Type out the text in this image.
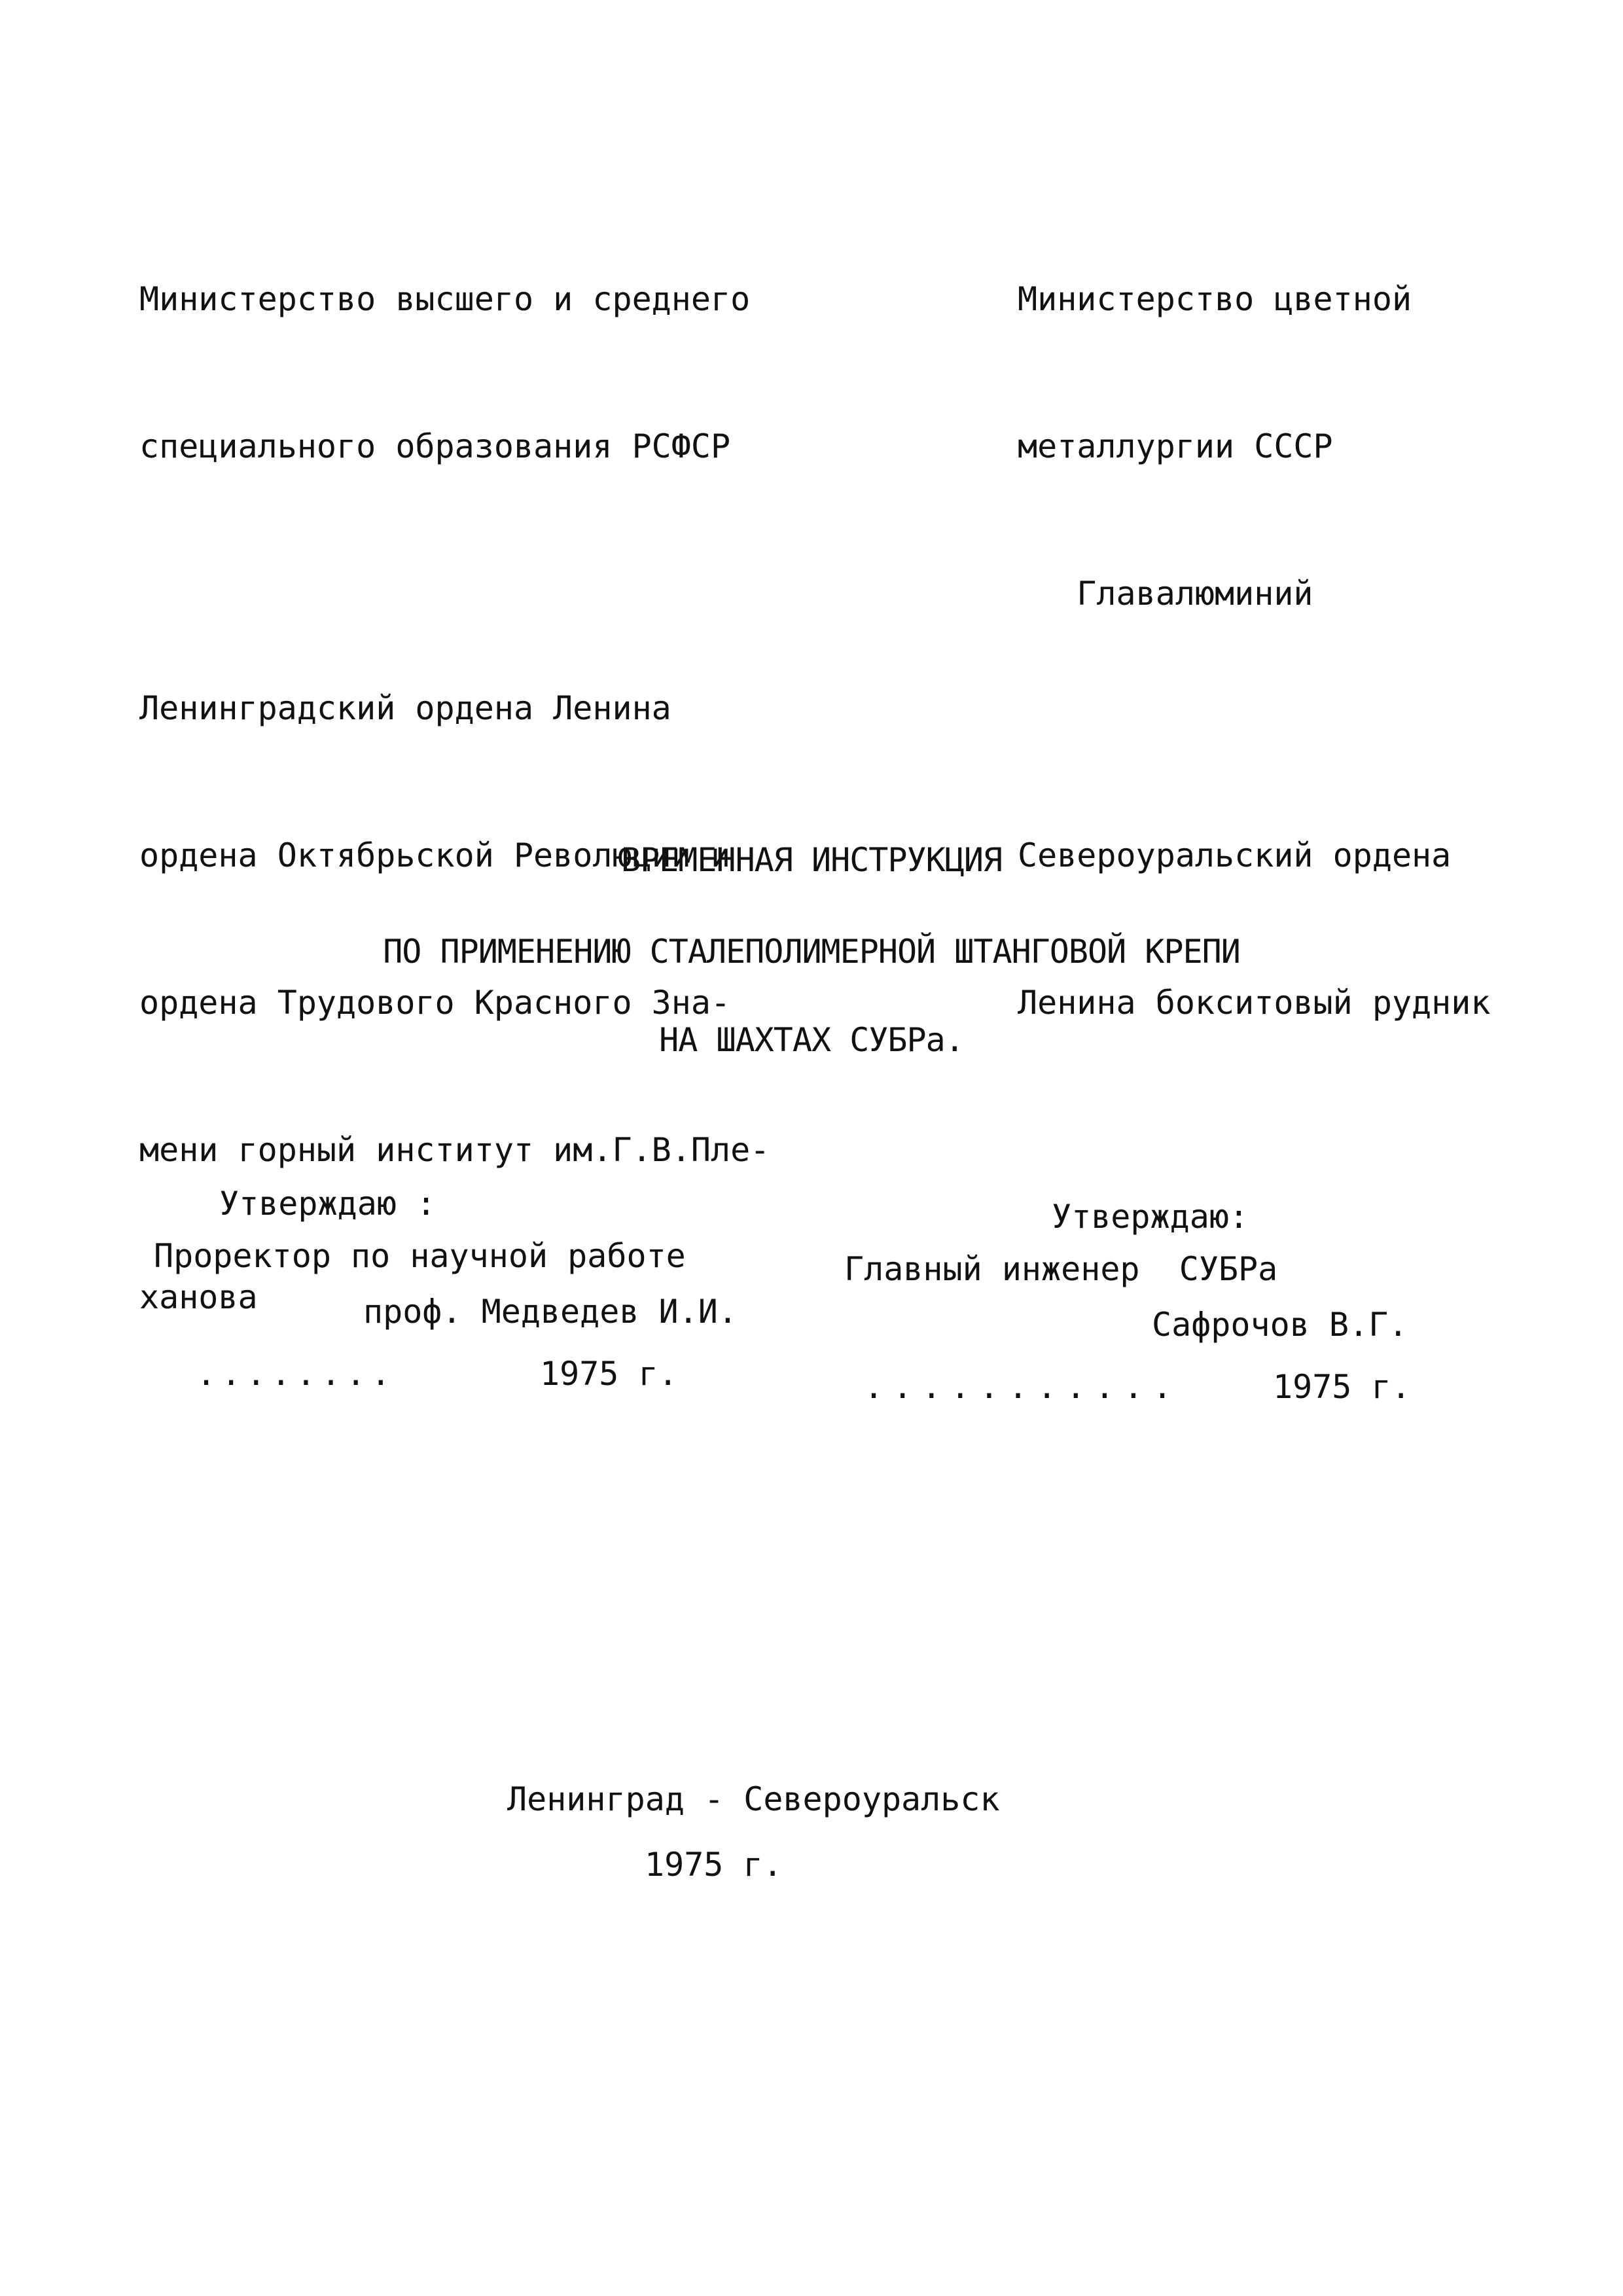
Министерство высшего и среднего

специального образования РСФСР

Ленинградский ордена Ленина

ордена Октябрьской Революции и

ордена Трудового Красного Зна-

мени горный институт им.Г.В.Пле-

ханова

Министерство цветной

металлургии СССР

Главалюминий

Североуральский ордена

Ленина бокситовый рудник

ВРЕМЕННАЯ ИНСТРУКЦИЯ
ПО ПРИМЕНЕНИЮ СТАЛЕПОЛИМЕРНОЙ ШТАНГОВОЙ КРЕПИ
НА ШАХТАХ СУБРа.
Утверждаю :
Проректор по научной работе
проф. Медведев И.И.
........	1975 г.
Утверждаю:
Главный инженер  СУБРа
Сафрочов В.Г.
...........	1975 г.
Ленинград - Североуральск
1975 г.
